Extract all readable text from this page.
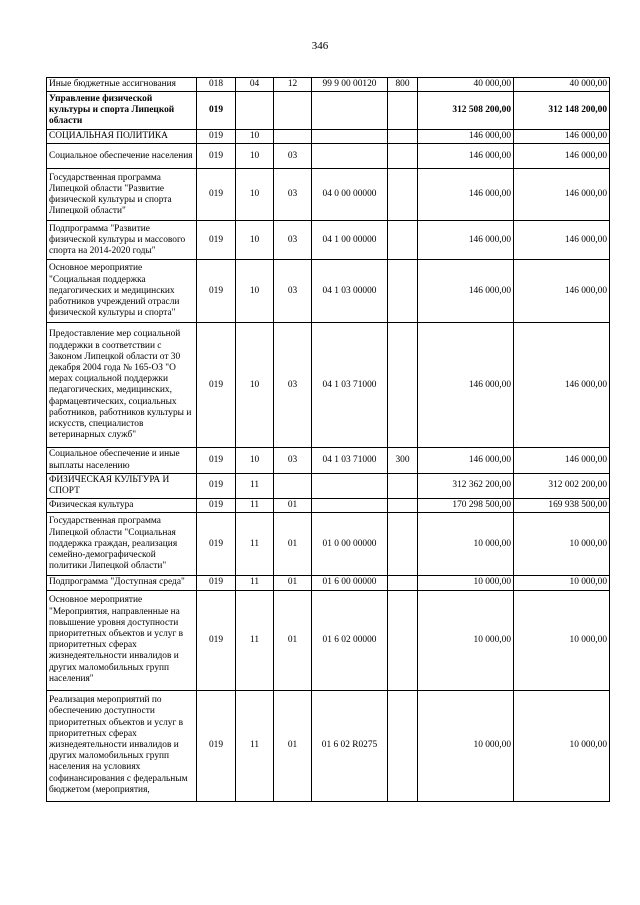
346
Иные бюджетные ассигнования	018	04	12	99 9 00 00120	800	40 000,00	40 000,00
Управление физической культуры и спорта Липецкой области	019					312 508 200,00	312 148 200,00
СОЦИАЛЬНАЯ ПОЛИТИКА	019	10				146 000,00	146 000,00
Социальное обеспечение населения	019	10	03			146 000,00	146 000,00
Государственная программа Липецкой области "Развитие физической культуры и спорта Липецкой области"	019	10	03	04 0 00 00000		146 000,00	146 000,00
Подпрограмма "Развитие физической культуры и массового спорта на 2014-2020 годы"	019	10	03	04 1 00 00000		146 000,00	146 000,00
Основное мероприятие "Социальная поддержка педагогических и медицинских работников учреждений отрасли физической культуры и спорта"	019	10	03	04 1 03 00000		146 000,00	146 000,00
Предоставление мер социальной поддержки в соответствии с Законом Липецкой области от 30 декабря 2004 года № 165-ОЗ "О мерах социальной поддержки педагогических, медицинских, фармацевтических, социальных работников, работников культуры и искусств, специалистов ветеринарных служб"	019	10	03	04 1 03 71000		146 000,00	146 000,00
Социальное обеспечение и иные выплаты населению	019	10	03	04 1 03 71000	300	146 000,00	146 000,00
ФИЗИЧЕСКАЯ КУЛЬТУРА И СПОРТ	019	11				312 362 200,00	312 002 200,00
Физическая культура	019	11	01			170 298 500,00	169 938 500,00
Государственная программа Липецкой области "Социальная поддержка граждан, реализация семейно-демографической политики Липецкой области"	019	11	01	01 0 00 00000		10 000,00	10 000,00
Подпрограмма "Доступная среда"	019	11	01	01 6 00 00000		10 000,00	10 000,00
Основное мероприятие "Мероприятия, направленные на повышение уровня доступности приоритетных объектов и услуг в приоритетных сферах жизнедеятельности инвалидов и других маломобильных групп населения"	019	11	01	01 6 02 00000		10 000,00	10 000,00
Реализация мероприятий по обеспечению доступности приоритетных объектов и услуг в приоритетных сферах жизнедеятельности инвалидов и других маломобильных групп населения на условиях софинансирования с федеральным бюджетом (мероприятия,	019	11	01	01 6 02 R0275		10 000,00	10 000,00
